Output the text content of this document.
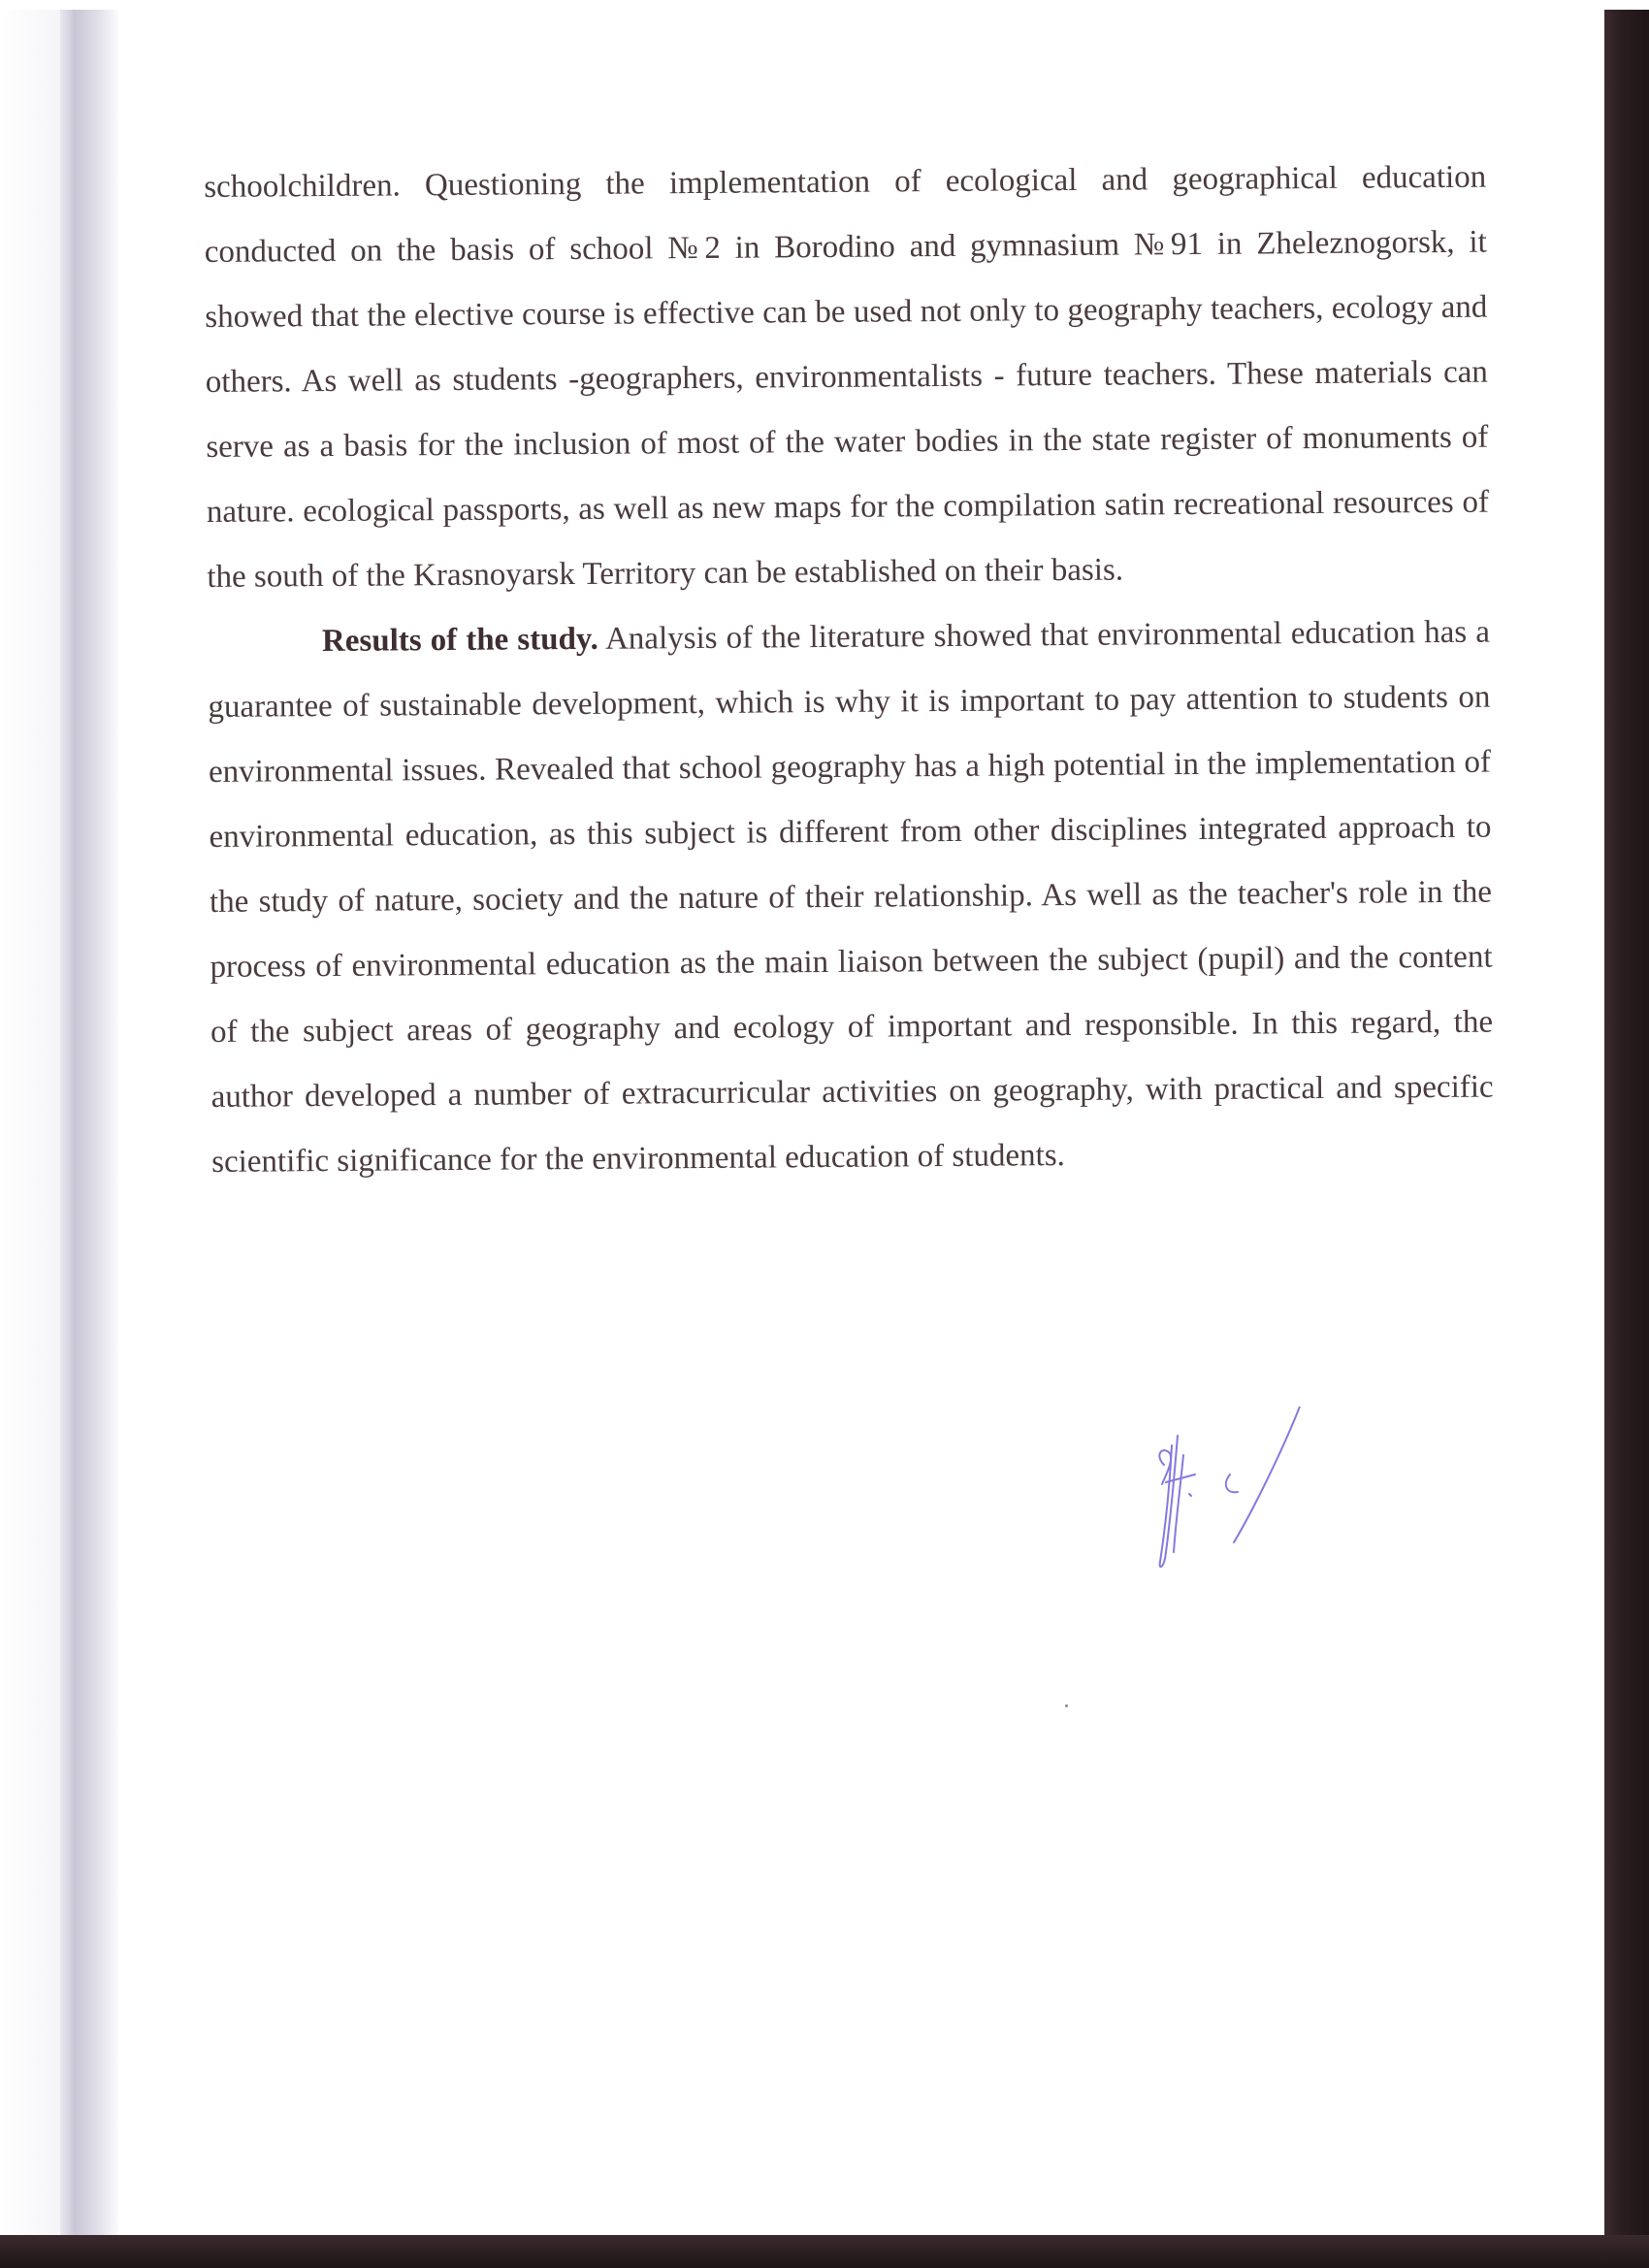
schoolchildren. Questioning the implementation of ecological and geographical education conducted on the basis of school №2 in Borodino and gymnasium №91 in Zheleznogorsk, it showed that the elective course is effective can be used not only to geography teachers, ecology and others. As well as students -geographers, environmentalists - future teachers. These materials can serve as a basis for the inclusion of most of the water bodies in the state register of monuments of nature. ecological passports, as well as new maps for the compilation satin recreational resources of the south of the Krasnoyarsk Territory can be established on their basis.

Results of the study. Analysis of the literature showed that environmental education has a guarantee of sustainable development, which is why it is important to pay attention to students on environmental issues. Revealed that school geography has a high potential in the implementation of environmental education, as this subject is different from other disciplines integrated approach to the study of nature, society and the nature of their relationship. As well as the teacher's role in the process of environmental education as the main liaison between the subject (pupil) and the content of the subject areas of geography and ecology of important and responsible. In this regard, the author developed a number of extracurricular activities on geography, with practical and specific scientific significance for the environmental education of students.
